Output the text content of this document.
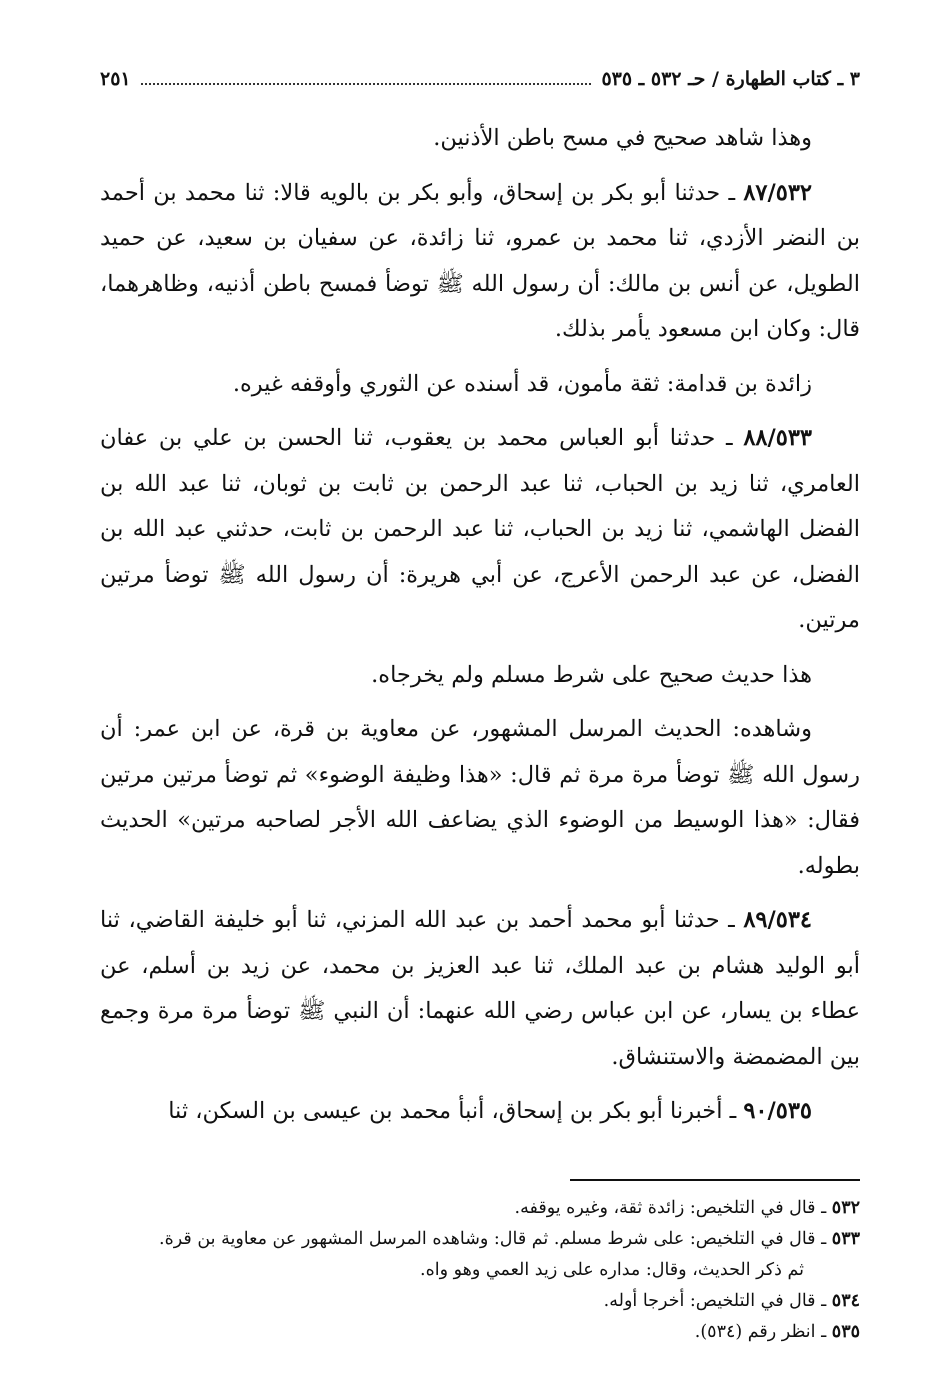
٣ ـ كتاب الطهارة / حـ ٥٣٢ ـ ٥٣٥
٢٥١

وهذا شاهد صحيح في مسح باطن الأذنين.

٨٧/٥٣٢ ـ حدثنا أبو بكر بن إسحاق، وأبو بكر بن بالويه قالا: ثنا محمد بن أحمد بن النضر الأزدي، ثنا محمد بن عمرو، ثنا زائدة، عن سفيان بن سعيد، عن حميد الطويل، عن أنس بن مالك: أن رسول الله ﷺ توضأ فمسح باطن أذنيه، وظاهرهما، قال: وكان ابن مسعود يأمر بذلك.

زائدة بن قدامة: ثقة مأمون، قد أسنده عن الثوري وأوقفه غيره.

٨٨/٥٣٣ ـ حدثنا أبو العباس محمد بن يعقوب، ثنا الحسن بن علي بن عفان العامري، ثنا زيد بن الحباب، ثنا عبد الرحمن بن ثابت بن ثوبان، ثنا عبد الله بن الفضل الهاشمي، ثنا زيد بن الحباب، ثنا عبد الرحمن بن ثابت، حدثني عبد الله بن الفضل، عن عبد الرحمن الأعرج، عن أبي هريرة: أن رسول الله ﷺ توضأ مرتين مرتين.

هذا حديث صحيح على شرط مسلم ولم يخرجاه.

وشاهده: الحديث المرسل المشهور، عن معاوية بن قرة، عن ابن عمر: أن رسول الله ﷺ توضأ مرة مرة ثم قال: «هذا وظيفة الوضوء» ثم توضأ مرتين مرتين فقال: «هذا الوسيط من الوضوء الذي يضاعف الله الأجر لصاحبه مرتين» الحديث بطوله.

٨٩/٥٣٤ ـ حدثنا أبو محمد أحمد بن عبد الله المزني، ثنا أبو خليفة القاضي، ثنا أبو الوليد هشام بن عبد الملك، ثنا عبد العزيز بن محمد، عن زيد بن أسلم، عن عطاء بن يسار، عن ابن عباس رضي الله عنهما: أن النبي ﷺ توضأ مرة مرة وجمع بين المضمضة والاستنشاق.

٩٠/٥٣٥ ـ أخبرنا أبو بكر بن إسحاق، أنبأ محمد بن عيسى بن السكن، ثنا

٥٣٢ ـ قال في التلخيص: زائدة ثقة، وغيره يوقفه.

٥٣٣ ـ قال في التلخيص: على شرط مسلم. ثم قال: وشاهده المرسل المشهور عن معاوية بن قرة.

ثم ذكر الحديث، وقال: مداره على زيد العمي وهو واه.

٥٣٤ ـ قال في التلخيص: أخرجا أوله.

٥٣٥ ـ انظر رقم (٥٣٤).
